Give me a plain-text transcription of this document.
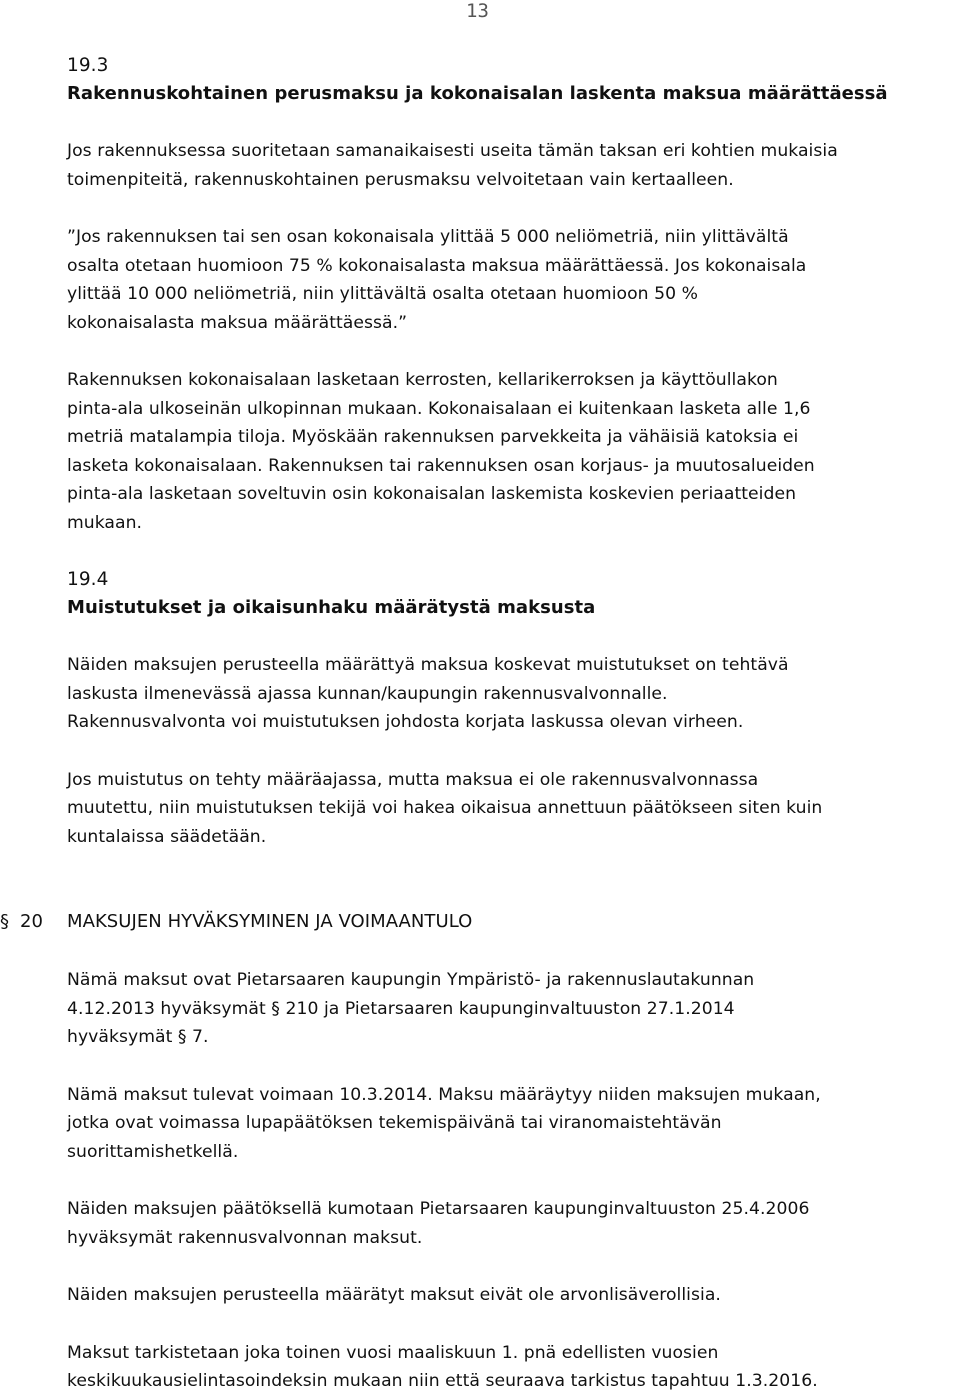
13
19.3
Rakennuskohtainen perusmaksu ja kokonaisalan laskenta maksua määrättäessä

Jos rakennuksessa suoritetaan samanaikaisesti useita tämän taksan eri kohtien mukaisia
toimenpiteitä, rakennuskohtainen perusmaksu velvoitetaan vain kertaalleen.

”Jos rakennuksen tai sen osan kokonaisala ylittää 5 000 neliömetriä, niin ylittävältä
osalta otetaan huomioon 75 % kokonaisalasta maksua määrättäessä. Jos kokonaisala
ylittää 10 000 neliömetriä, niin ylittävältä osalta otetaan huomioon 50 %
kokonaisalasta maksua määrättäessä.”

Rakennuksen kokonaisalaan lasketaan kerrosten, kellarikerroksen ja käyttöullakon
pinta-ala ulkoseinän ulkopinnan mukaan. Kokonaisalaan ei kuitenkaan lasketa alle 1,6
metriä matalampia tiloja. Myöskään rakennuksen parvekkeita ja vähäisiä katoksia ei
lasketa kokonaisalaan. Rakennuksen tai rakennuksen osan korjaus- ja muutosalueiden
pinta-ala lasketaan soveltuvin osin kokonaisalan laskemista koskevien periaatteiden
mukaan.

19.4
Muistutukset ja oikaisunhaku määrätystä maksusta

Näiden maksujen perusteella määrättyä maksua koskevat muistutukset on tehtävä
laskusta ilmenevässä ajassa kunnan/kaupungin rakennusvalvonnalle.
Rakennusvalvonta voi muistutuksen johdosta korjata laskussa olevan virheen.

Jos muistutus on tehty määräajassa, mutta maksua ei ole rakennusvalvonnassa
muutettu, niin muistutuksen tekijä voi hakea oikaisua annettuun päätökseen siten kuin
kuntalaissa säädetään.

§ 20 MAKSUJEN HYVÄKSYMINEN JA VOIMAANTULO

Nämä maksut ovat Pietarsaaren kaupungin Ympäristö- ja rakennuslautakunnan
4.12.2013 hyväksymät § 210 ja Pietarsaaren kaupunginvaltuuston 27.1.2014
hyväksymät § 7.

Nämä maksut tulevat voimaan 10.3.2014. Maksu määräytyy niiden maksujen mukaan,
jotka ovat voimassa lupapäätöksen tekemispäivänä tai viranomaistehtävän
suorittamishetkellä.

Näiden maksujen päätöksellä kumotaan Pietarsaaren kaupunginvaltuuston 25.4.2006
hyväksymät rakennusvalvonnan maksut.

Näiden maksujen perusteella määrätyt maksut eivät ole arvonlisäverollisia.

Maksut tarkistetaan joka toinen vuosi maaliskuun 1. pnä edellisten vuosien
keskikuukausielintasoindeksin mukaan niin että seuraava tarkistus tapahtuu 1.3.2016.
